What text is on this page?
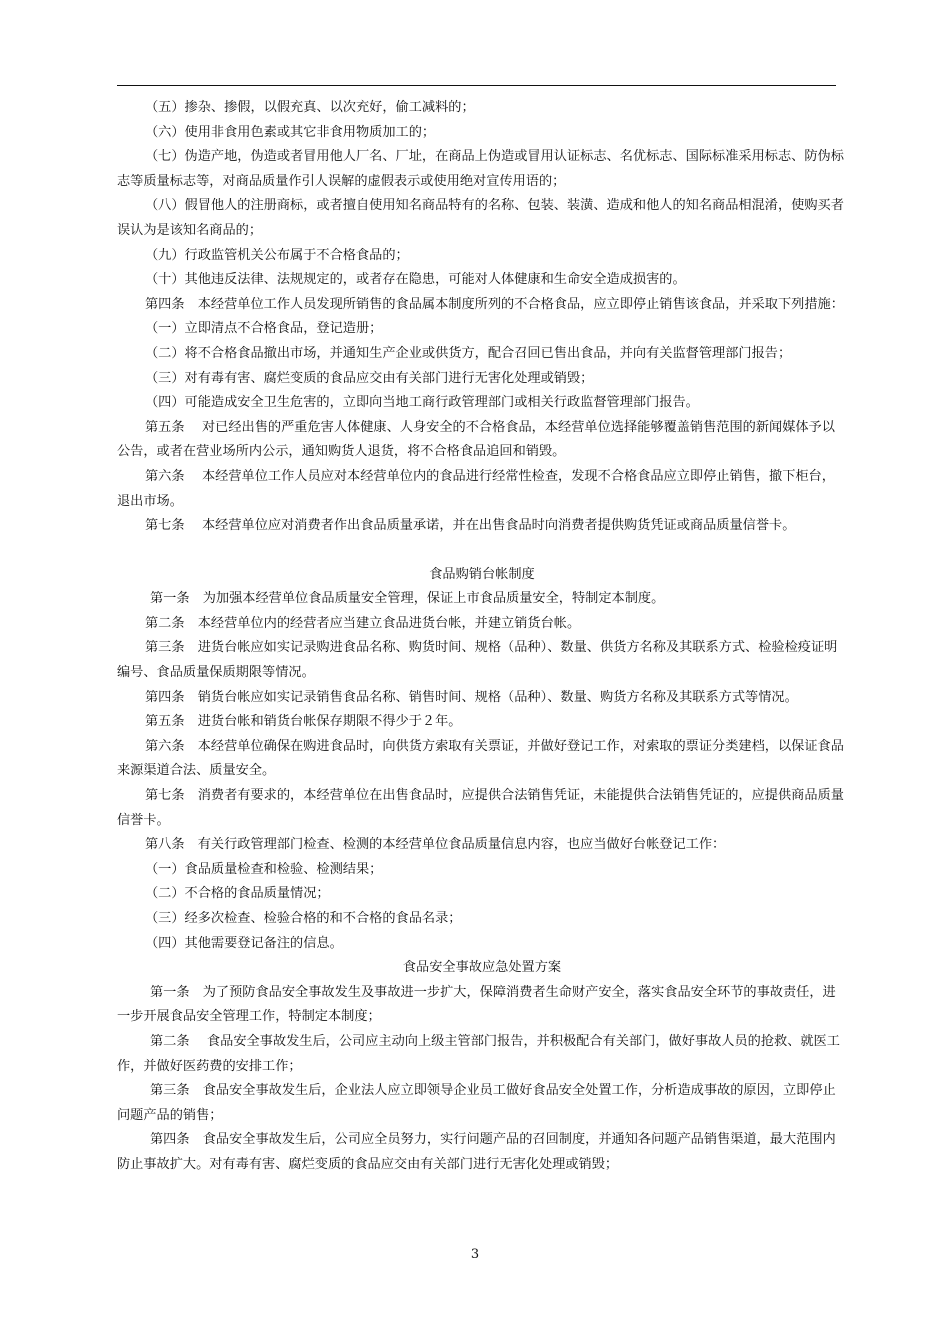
（五）掺杂、掺假，以假充真、以次充好，偷工减料的；

（六）使用非食用色素或其它非食用物质加工的；

（七）伪造产地，伪造或者冒用他人厂名、厂址，在商品上伪造或冒用认证标志、名优标志、国际标准采用标志、防伪标志等质量标志等，对商品质量作引人误解的虚假表示或使用绝对宣传用语的；

（八）假冒他人的注册商标，或者擅自使用知名商品特有的名称、包装、装潢、造成和他人的知名商品相混淆，使购买者误认为是该知名商品的；

（九）行政监管机关公布属于不合格食品的；

（十）其他违反法律、法规规定的，或者存在隐患，可能对人体健康和生命安全造成损害的。

第四条　本经营单位工作人员发现所销售的食品属本制度所列的不合格食品，应立即停止销售该食品，并采取下列措施：

（一）立即清点不合格食品，登记造册；

（二）将不合格食品撤出市场，并通知生产企业或供货方，配合召回已售出食品，并向有关监督管理部门报告；

（三）对有毒有害、腐烂变质的食品应交由有关部门进行无害化处理或销毁；

（四）可能造成安全卫生危害的，立即向当地工商行政管理部门或相关行政监督管理部门报告。

第五条　 对已经出售的严重危害人体健康、人身安全的不合格食品，本经营单位选择能够覆盖销售范围的新闻媒体予以公告，或者在营业场所内公示，通知购货人退货，将不合格食品追回和销毁。

第六条　 本经营单位工作人员应对本经营单位内的食品进行经常性检查，发现不合格食品应立即停止销售，撤下柜台，退出市场。

第七条　 本经营单位应对消费者作出食品质量承诺，并在出售食品时向消费者提供购货凭证或商品质量信誉卡。

食品购销台帐制度

第一条　为加强本经营单位食品质量安全管理，保证上市食品质量安全，特制定本制度。

第二条　本经营单位内的经营者应当建立食品进货台帐，并建立销货台帐。

第三条　进货台帐应如实记录购进食品名称、购货时间、规格（品种）、数量、供货方名称及其联系方式、检验检疫证明编号、食品质量保质期限等情况。

第四条　销货台帐应如实记录销售食品名称、销售时间、规格（品种）、数量、购货方名称及其联系方式等情况。

第五条　进货台帐和销货台帐保存期限不得少于２年。

第六条　本经营单位确保在购进食品时，向供货方索取有关票证，并做好登记工作，对索取的票证分类建档，以保证食品来源渠道合法、质量安全。

第七条　消费者有要求的，本经营单位在出售食品时，应提供合法销售凭证，未能提供合法销售凭证的，应提供商品质量信誉卡。

第八条　有关行政管理部门检查、检测的本经营单位食品质量信息内容，也应当做好台帐登记工作：

（一）食品质量检查和检验、检测结果；

（二）不合格的食品质量情况；

（三）经多次检查、检验合格的和不合格的食品名录；

（四）其他需要登记备注的信息。

食品安全事故应急处置方案

第一条　为了预防食品安全事故发生及事故进一步扩大，保障消费者生命财产安全，落实食品安全环节的事故责任，进一步开展食品安全管理工作，特制定本制度；

第二条　 食品安全事故发生后，公司应主动向上级主管部门报告，并积极配合有关部门，做好事故人员的抢救、就医工作，并做好医药费的安排工作；

第三条　食品安全事故发生后，企业法人应立即领导企业员工做好食品安全处置工作，分析造成事故的原因，立即停止问题产品的销售；

第四条　食品安全事故发生后，公司应全员努力，实行问题产品的召回制度，并通知各问题产品销售渠道，最大范围内防止事故扩大。对有毒有害、腐烂变质的食品应交由有关部门进行无害化处理或销毁；

3
